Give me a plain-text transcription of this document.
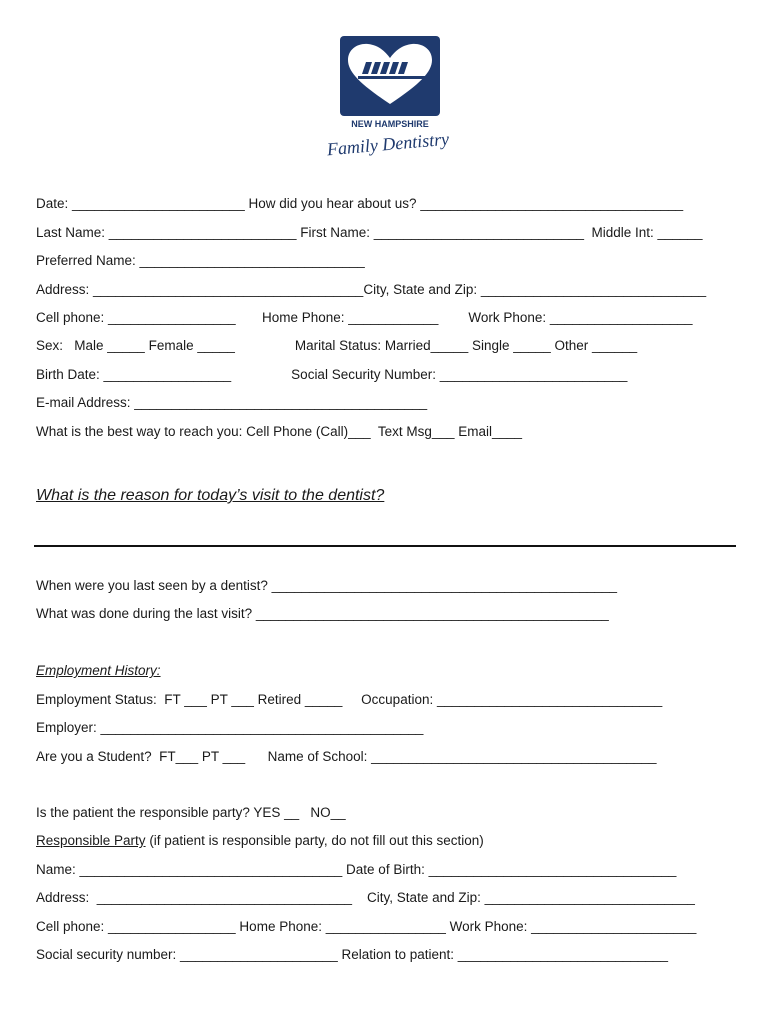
NEW HAMPSHIRE
Family Dentistry

Date: _______________________ How did you hear about us? ___________________________________

Last Name: _________________________ First Name: ____________________________  Middle Int: ______

Preferred Name: ______________________________

Address: ____________________________________City, State and Zip: ______________________________

Cell phone: _________________       Home Phone: ____________        Work Phone: ___________________

Sex:   Male _____ Female _____                Marital Status: Married_____ Single _____ Other ______

Birth Date: _________________                Social Security Number: _________________________

E-mail Address: _______________________________________

What is the best way to reach you: Cell Phone (Call)___  Text Msg___ Email____

What is the reason for today’s visit to the dentist?

When were you last seen by a dentist? ______________________________________________

What was done during the last visit? _______________________________________________

Employment History:

Employment Status:  FT ___ PT ___ Retired _____     Occupation: ______________________________

Employer: ___________________________________________

Are you a Student?  FT___ PT ___      Name of School: ______________________________________

Is the patient the responsible party? YES __   NO__

Responsible Party (if patient is responsible party, do not fill out this section)

Name: ___________________________________ Date of Birth: _________________________________

Address:  __________________________________    City, State and Zip: ____________________________

Cell phone: _________________ Home Phone: ________________ Work Phone: ______________________

Social security number: _____________________ Relation to patient: ____________________________
